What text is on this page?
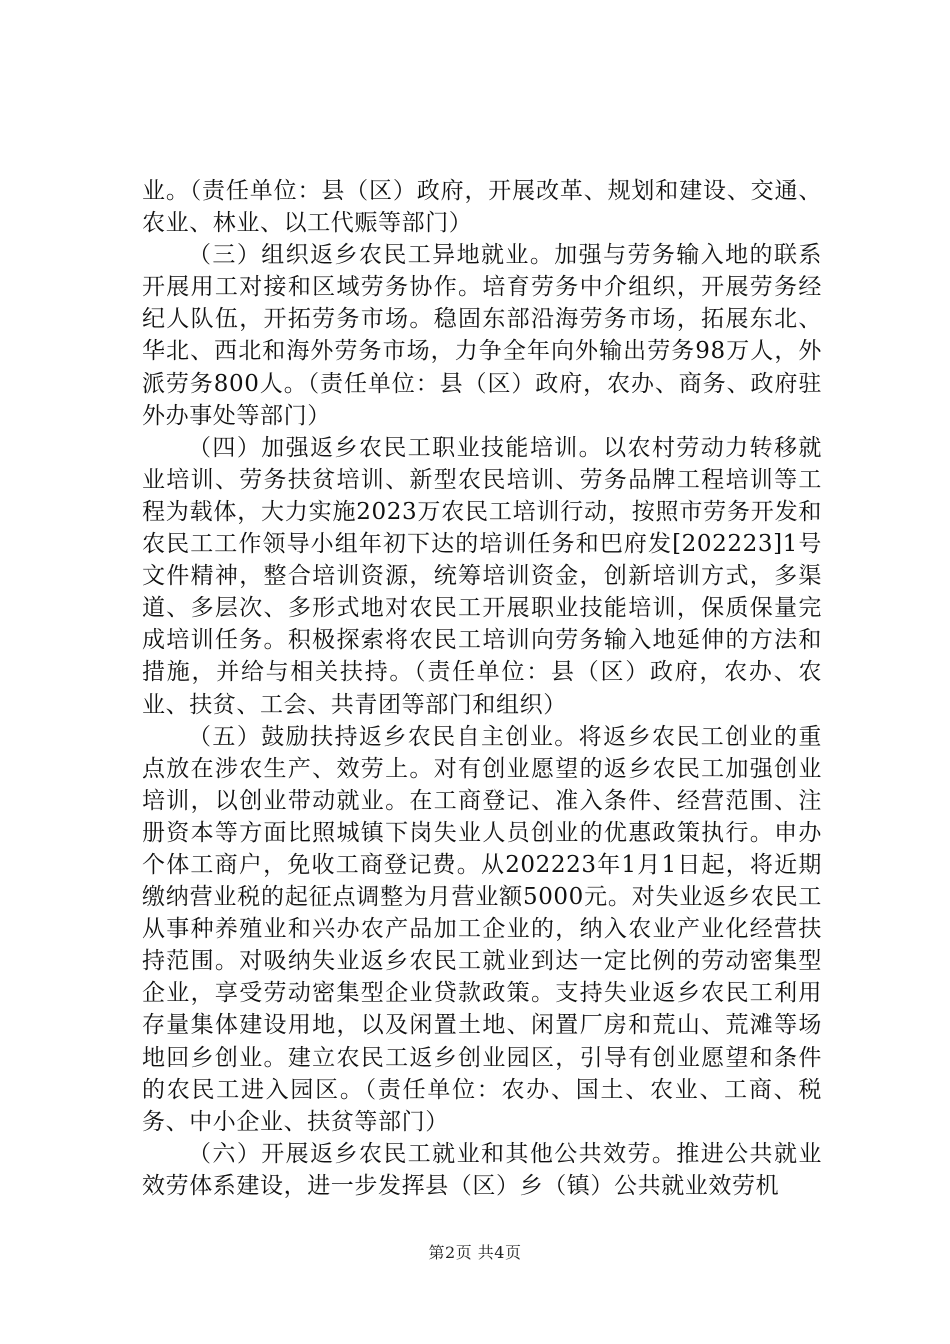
业。（责任单位：县（区）政府，开展改革、规划和建设、交通、农业、林业、以工代赈等部门）

（三）组织返乡农民工异地就业。加强与劳务输入地的联系开展用工对接和区域劳务协作。培育劳务中介组织，开展劳务经纪人队伍，开拓劳务市场。稳固东部沿海劳务市场，拓展东北、华北、西北和海外劳务市场，力争全年向外输出劳务98万人，外派劳务800人。（责任单位：县（区）政府，农办、商务、政府驻外办事处等部门）

（四）加强返乡农民工职业技能培训。以农村劳动力转移就业培训、劳务扶贫培训、新型农民培训、劳务品牌工程培训等工程为载体，大力实施2023万农民工培训行动，按照市劳务开发和农民工工作领导小组年初下达的培训任务和巴府发[202223]1号文件精神，整合培训资源，统筹培训资金，创新培训方式，多渠道、多层次、多形式地对农民工开展职业技能培训，保质保量完成培训任务。积极探索将农民工培训向劳务输入地延伸的方法和措施，并给与相关扶持。（责任单位：县（区）政府，农办、农业、扶贫、工会、共青团等部门和组织）

（五）鼓励扶持返乡农民自主创业。将返乡农民工创业的重点放在涉农生产、效劳上。对有创业愿望的返乡农民工加强创业培训，以创业带动就业。在工商登记、准入条件、经营范围、注册资本等方面比照城镇下岗失业人员创业的优惠政策执行。申办个体工商户，免收工商登记费。从202223年1月1日起，将近期缴纳营业税的起征点调整为月营业额5000元。对失业返乡农民工从事种养殖业和兴办农产品加工企业的，纳入农业产业化经营扶持范围。对吸纳失业返乡农民工就业到达一定比例的劳动密集型企业，享受劳动密集型企业贷款政策。支持失业返乡农民工利用存量集体建设用地，以及闲置土地、闲置厂房和荒山、荒滩等场地回乡创业。建立农民工返乡创业园区，引导有创业愿望和条件的农民工进入园区。（责任单位：农办、国土、农业、工商、税务、中小企业、扶贫等部门）

（六）开展返乡农民工就业和其他公共效劳。推进公共就业效劳体系建设，进一步发挥县（区）乡（镇）公共就业效劳机

第2页 共4页
